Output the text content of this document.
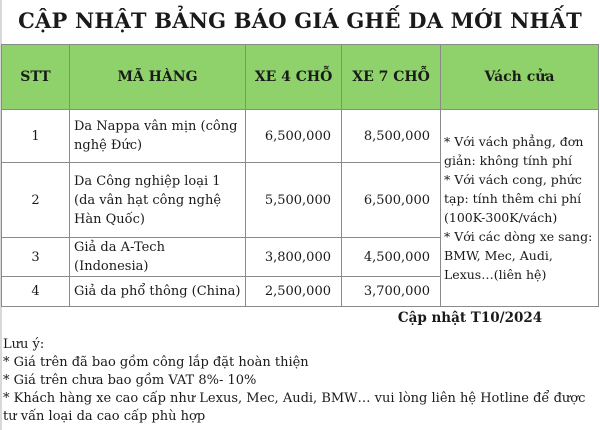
CẬP NHẬT BẢNG BÁO GIÁ GHẾ DA MỚI NHẤT
STT	MÃ HÀNG	XE 4 CHỖ	XE 7 CHỖ	Vách cửa
1	Da Nappa vân mịn (công nghệ Đức)	6,500,000	8,500,000	* Với vách phẳng, đơn giản: không tính phí
* Với vách cong, phức tạp: tính thêm chi phí (100K-300K/vách)
* Với các dòng xe sang: BMW, Mec, Audi, Lexus…(liên hệ)

2	Da Công nghiệp loại 1 (da vân hạt công nghệ Hàn Quốc)	5,500,000	6,500,000	
3	Giả da A-Tech (Indonesia)	3,800,000	4,500,000	
4	Giả da phổ thông (China)	2,500,000	3,700,000	
			Cập nhật T10/2024	
Lưu ý:
* Giá trên đã bao gồm công lắp đặt hoàn thiện
* Giá trên chưa bao gồm VAT 8%- 10%
* Khách hàng xe cao cấp như Lexus, Mec, Audi, BMW… vui lòng liên hệ Hotline để được tư vấn loại da cao cấp phù hợp
